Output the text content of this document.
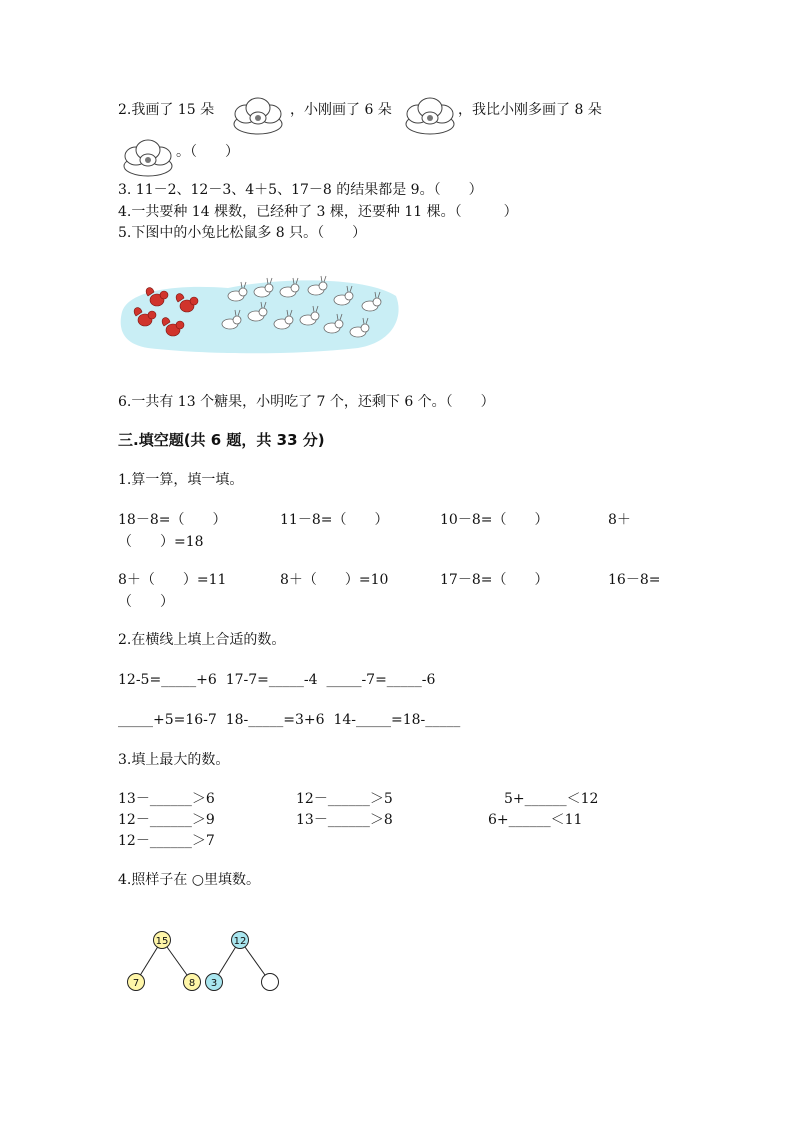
2.我画了 15 朵	，小刚画了 6 朵	，我比小刚多画了 8 朵
。（　　）
3. 11－2、12－3、4＋5、17－8 的结果都是 9。（　　）
4.一共要种 14 棵数，已经种了 3 棵，还要种 11 棵。（　　　）
5.下图中的小兔比松鼠多 8 只。（　　）
6.一共有 13 个糖果，小明吃了 7 个，还剩下 6 个。（　　）
三.填空题(共 6 题，共 33 分)
1.算一算，填一填。
18－8=（　　）	11－8=（　　）	10－8=（　　）	8＋
（　　）=18
8＋（　　）=11	8＋（　　）=10	17－8=（　　）	16－8=
（　　）
2.在横线上填上合适的数。
12-5=_____+6  17-7=_____-4  _____-7=_____-6
_____+5=16-7  18-_____=3+6  14-_____=18-_____
3.填上最大的数。
13－______＞6	12－______＞5	5+______＜12
12－______＞9	13－______＞8	6+______＜11
12－______＞7
4.照样子在 ○里填数。
15
7	8
12
3
